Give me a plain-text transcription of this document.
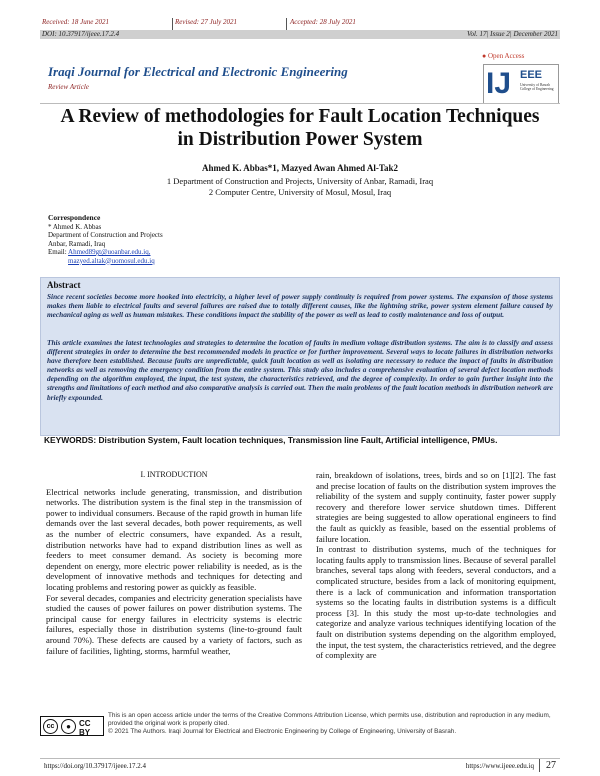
Received: 18 June 2021	Revised: 27 July 2021	Accepted: 28 July 2021
DOI: 10.37917/ijeee.17.2.4	Vol. 17| Issue 2| December 2021
Iraqi Journal for Electrical and Electronic Engineering
Review Article
● Open Access
IJ EEE
University of Basrah College of Engineering
A Review of methodologies for Fault Location Techniques in Distribution Power System
Ahmed K. Abbas*1, Mazyed Awan Ahmed Al-Tak2
1 Department of Construction and Projects, University of Anbar, Ramadi, Iraq
2 Computer Centre, University of Mosul, Mosul, Iraq
Correspondence
* Ahmed K. Abbas
Department of Construction and Projects
Anbar, Ramadi, Iraq
Email: Ahmed89gt@uoanbar.edu.iq,
mazyed.altak@uomosul.edu.iq
Abstract

Since recent societies become more hooked into electricity, a higher level of power supply continuity is required from power systems. The expansion of those systems makes them liable to electrical faults and several failures are raised due to totally different causes, like the lightning strike, power system element failure caused by mechanical aging as well as human mistakes. These conditions impact the stability of the power as well as lead to costly maintenance and loss of output.

This article examines the latest technologies and strategies to determine the location of faults in medium voltage distribution systems. The aim is to classify and assess different strategies in order to determine the best recommended models in practice or for further improvement. Several ways to locate failures in distribution networks have therefore been established. Because faults are unpredictable, quick fault location as well as isolating are necessary to reduce the impact of faults in distribution networks as well as removing the emergency condition from the entire system. This study also includes a comprehensive evaluation of several defect location methods depending on the algorithm employed, the input, the test system, the characteristics retrieved, and the degree of complexity. In order to gain further insight into the strengths and limitations of each method and also comparative analysis is carried out. Then the main problems of the fault location methods in distribution network are briefly expounded.

KEYWORDS: Distribution System, Fault location techniques, Transmission line Fault, Artificial intelligence, PMUs.
I. INTRODUCTION

Electrical networks include generating, transmission, and distribution networks. The distribution system is the final step in the transmission of power to individual consumers. Because of the rapid growth in human life demands over the last several decades, both power requirements, as well as the number of electric consumers, have expanded. As a result, distribution networks have had to expand distribution lines as well as feeders to meet consumer demand. As society is becoming more dependent on energy, more electric power reliability is needed, as is the development of innovative methods and techniques for detecting and locating problems and restoring power as quickly as feasible.

For several decades, companies and electricity generation specialists have studied the causes of power failures on power distribution systems. The principal cause for energy failures in electricity systems is electric failures, especially those in distribution systems (line-to-ground fault around 70%). These defects are caused by a variety of factors, such as failure of facilities, lighting, storms, harmful weather,

rain, breakdown of isolations, trees, birds and so on [1][2]. The fast and precise location of faults on the distribution system improves the reliability of the system and supply continuity, faster power supply recovery and therefore lower service shutdown times. Different strategies are being suggested to allow operational engineers to find the fault as quickly as feasible, based on the essential problems of failure location.

In contrast to distribution systems, much of the techniques for locating faults apply to transmission lines. Because of several parallel branches, several taps along with feeders, several conductors, and a complicated structure, besides from a lack of monitoring equipment, there is a lack of communication and information transportation systems so the locating faults in distribution systems is a difficult process [3]. In this study the most up-to-date technologies and categorize and analyze various techniques identifying location of the fault on distribution systems depending on the algorithm employed, the input, the test system, the characteristics retrieved, and the degree of complexity are

cc	●	CC BY
This is an open access article under the terms of the Creative Commons Attribution License, which permits use, distribution and reproduction in any medium, provided the original work is properly cited.
© 2021 The Authors. Iraqi Journal for Electrical and Electronic Engineering by College of Engineering, University of Basrah.
https://doi.org/10.37917/ijeee.17.2.4	https://www.ijeee.edu.iq 27
